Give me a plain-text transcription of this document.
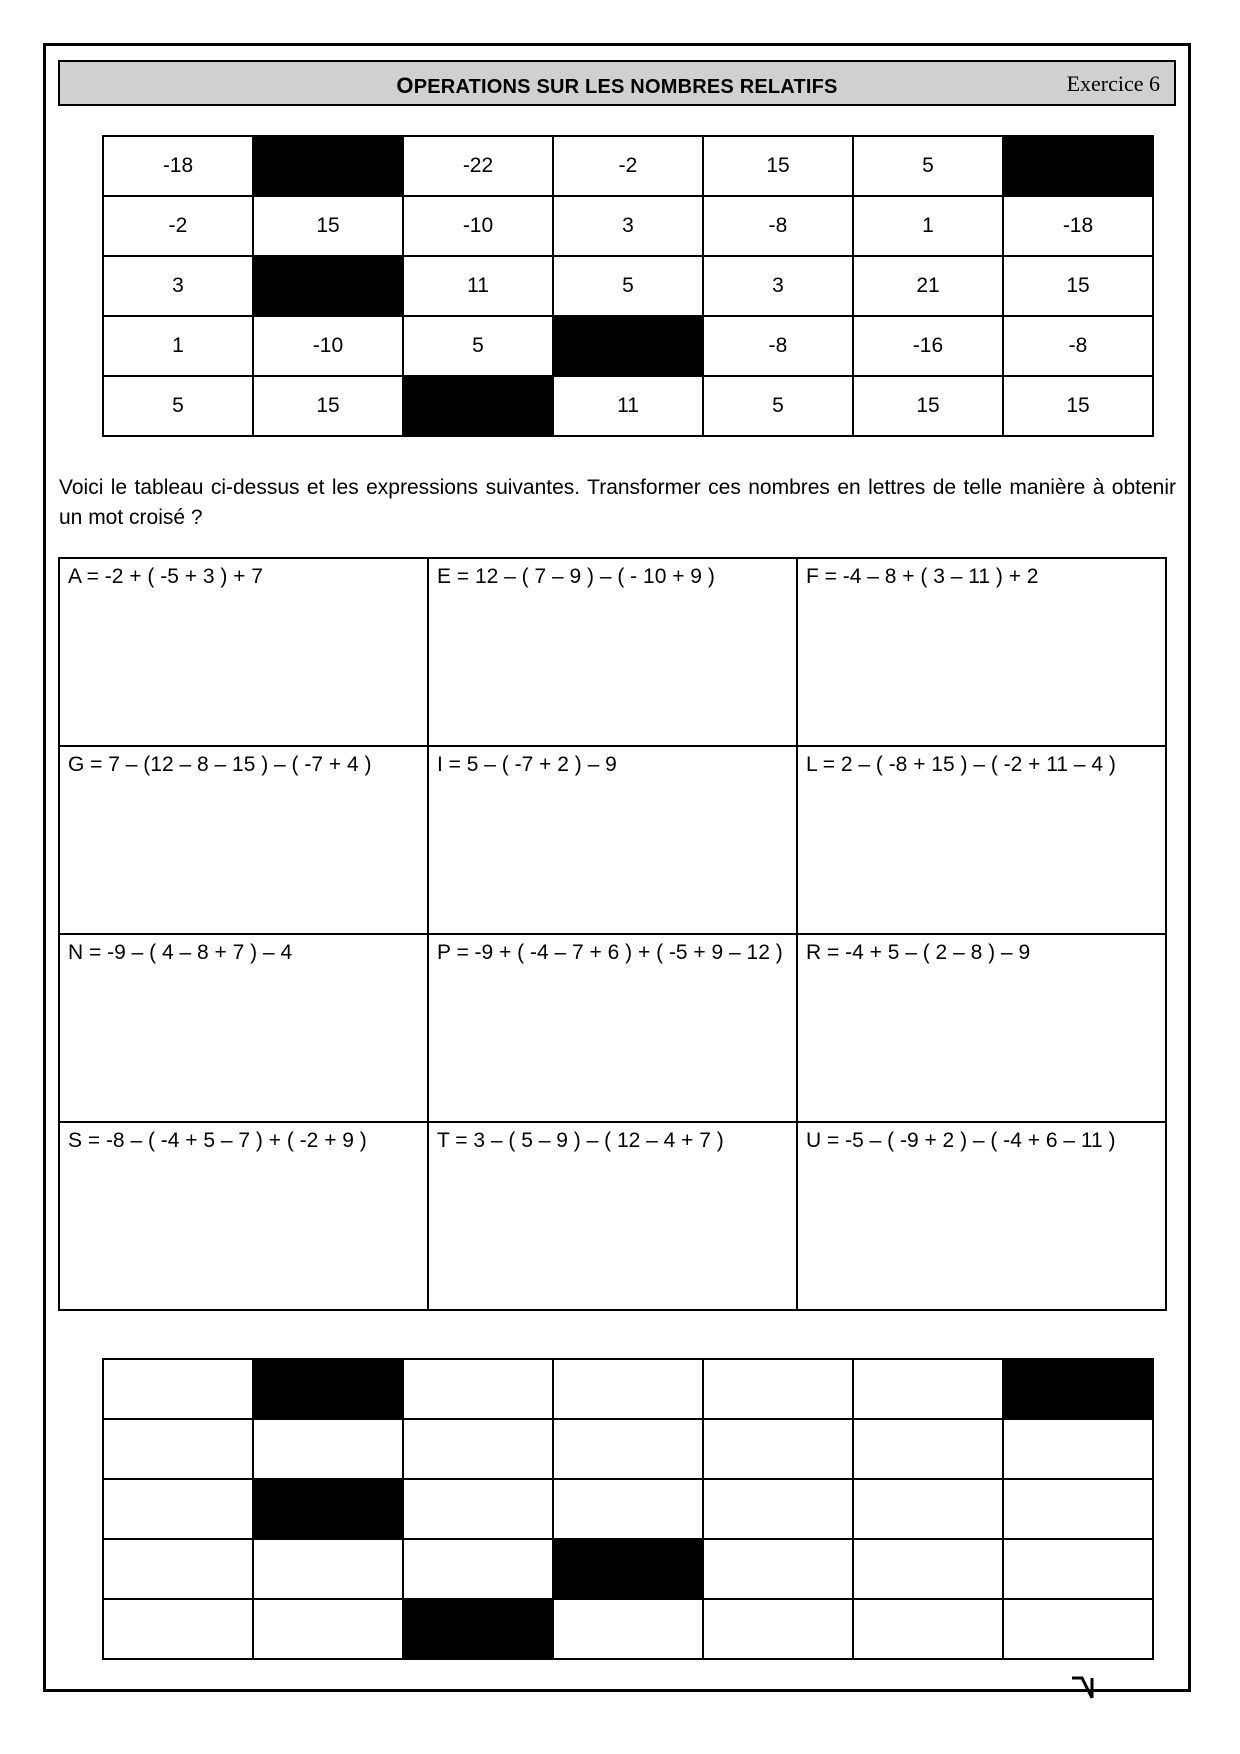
OPERATIONS SUR LES NOMBRES RELATIFS	Exercice 6
-18		-22	-2	15	5	
-2	15	-10	3	-8	1	-18
3		11	5	3	21	15
1	-10	5		-8	-16	-8
5	15		11	5	15	15
Voici le tableau ci-dessus et les expressions suivantes. Transformer ces nombres en lettres de telle manière à obtenir un mot croisé ?
A = -2 + ( -5 + 3 ) + 7	E = 12 – ( 7 – 9 ) – ( - 10 + 9 )	F = -4 – 8 + ( 3 – 11 ) + 2
G = 7 – (12 – 8 – 15 ) – ( -7 + 4 )	I = 5 – ( -7 + 2 ) – 9	L = 2 – ( -8 + 15 ) – ( -2 + 11 – 4 )
N = -9 – ( 4 – 8 + 7 ) – 4	P = -9 + ( -4 – 7 + 6 ) + ( -5 + 9 – 12 )	R = -4 + 5 – ( 2 – 8 ) – 9
S = -8 – ( -4 + 5 – 7 ) + ( -2 + 9 )	T = 3 – ( 5 – 9 ) – ( 12 – 4 + 7 )	U = -5 – ( -9 + 2 ) – ( -4 + 6 – 11 )
